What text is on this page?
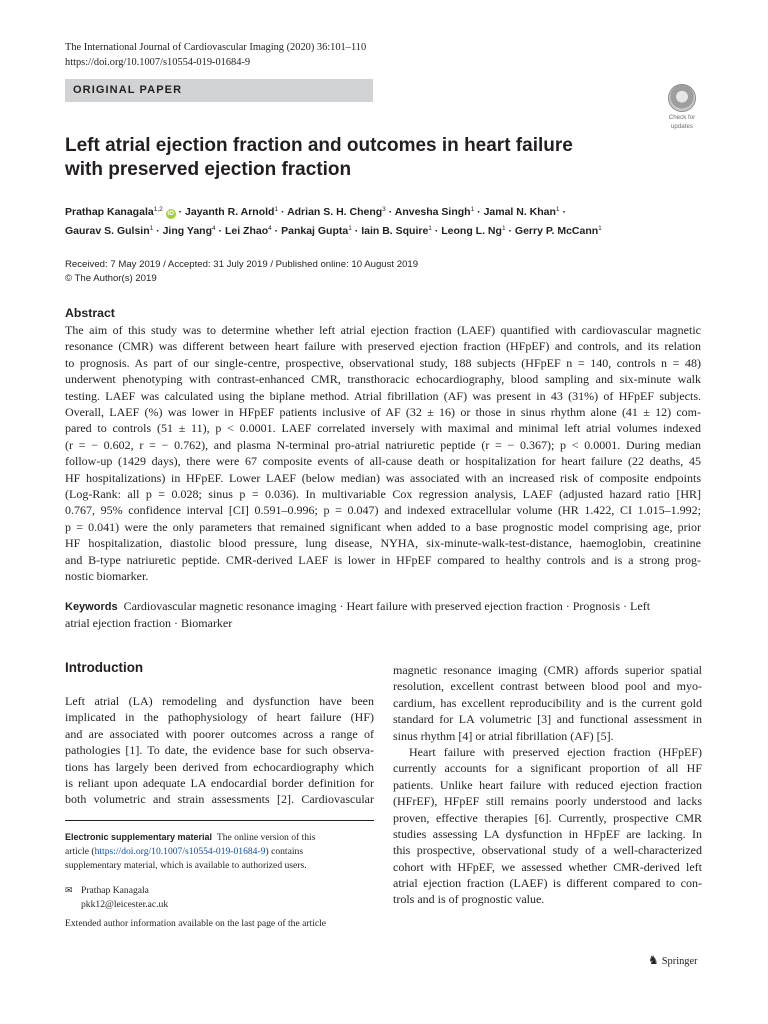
The International Journal of Cardiovascular Imaging (2020) 36:101–110
https://doi.org/10.1007/s10554-019-01684-9
ORIGINAL PAPER
Check for
updates
Left atrial ejection fraction and outcomes in heart failure
with preserved ejection fraction
Prathap Kanagala$^{1,2}$ iD · Jayanth R. Arnold$^1$ · Adrian S. H. Cheng$^3$ · Anvesha Singh$^1$ · Jamal N. Khan$^1$ ·
Gaurav S. Gulsin$^1$ · Jing Yang$^4$ · Lei Zhao$^4$ · Pankaj Gupta$^1$ · Iain B. Squire$^1$ · Leong L. $Ng^1$ · Gerry P. McCann$^1$
Received: 7 May 2019 / Accepted: 31 July 2019 / Published online: 10 August 2019
© The Author(s) 2019
Abstract
The aim of this study was to determine whether left atrial ejection fraction (LAEF) quantified with cardiovascular magnetic
resonance (CMR) was different between heart failure with preserved ejection fraction (HFpEF) and controls, and its relation
to prognosis. As part of our single-centre, prospective, observational study, 188 subjects (HFpEF n = 140, controls n = 48)
underwent phenotyping with contrast-enhanced CMR, transthoracic echocardiography, blood sampling and six-minute walk
testing. LAEF was calculated using the biplane method. Atrial fibrillation (AF) was present in 43 (31%) of HFpEF subjects.
Overall, LAEF (%) was lower in HFpEF patients inclusive of AF (32 ± 16) or those in sinus rhythm alone (41 ± 12) com-
pared to controls (51 ± 11), p < 0.0001. LAEF correlated inversely with maximal and minimal left atrial volumes indexed
(r = − 0.602, r = − 0.762), and plasma N-terminal pro-atrial natriuretic peptide (r = − 0.367); p < 0.0001. During median
follow-up (1429 days), there were 67 composite events of all-cause death or hospitalization for heart failure (22 deaths, 45
HF hospitalizations) in HFpEF. Lower LAEF (below median) was associated with an increased risk of composite endpoints
(Log-Rank: all p = 0.028; sinus p = 0.036). In multivariable Cox regression analysis, LAEF (adjusted hazard ratio [HR]
0.767, 95% confidence interval [CI] 0.591–0.996; p = 0.047) and indexed extracellular volume (HR 1.422, CI 1.015–1.992;
p = 0.041) were the only parameters that remained significant when added to a base prognostic model comprising age, prior
HF hospitalization, diastolic blood pressure, lung disease, NYHA, six-minute-walk-test-distance, haemoglobin, creatinine
and B-type natriuretic peptide. CMR-derived LAEF is lower in HFpEF compared to healthy controls and is a strong prog-
nostic biomarker.
Keywords Cardiovascular magnetic resonance imaging · Heart failure with preserved ejection fraction · Prognosis · Left
atrial ejection fraction · Biomarker
Introduction
Left atrial (LA) remodeling and dysfunction have been
implicated in the pathophysiology of heart failure (HF)
and are associated with poorer outcomes across a range of
pathologies [1]. To date, the evidence base for such observa-
tions has largely been derived from echocardiography which
is reliant upon adequate LA endocardial border definition for
both volumetric and strain assessments [2]. Cardiovascular
magnetic resonance imaging (CMR) affords superior spatial
resolution, excellent contrast between blood pool and myo-
cardium, has excellent reproducibility and is the current gold
standard for LA volumetric [3] and functional assessment in
sinus rhythm [4] or atrial fibrillation (AF) [5].
Heart failure with preserved ejection fraction (HFpEF)
currently accounts for a significant proportion of all HF
patients. Unlike heart failure with reduced ejection fraction
(HFrEF), HFpEF still remains poorly understood and lacks
proven, effective therapies [6]. Currently, prospective CMR
studies assessing LA dysfunction in HFpEF are lacking. In
this prospective, observational study of a well-characterized
cohort with HFpEF, we assessed whether CMR-derived left
atrial ejection fraction (LAEF) is different compared to con-
trols and is of prognostic value.
Electronic supplementary material The online version of this
article (https://doi.org/10.1007/s10554-019-01684-9) contains
supplementary material, which is available to authorized users.
✉ Prathap Kanagala
pkk12@leicester.ac.uk
Extended author information available on the last page of the article
♞ Springer
